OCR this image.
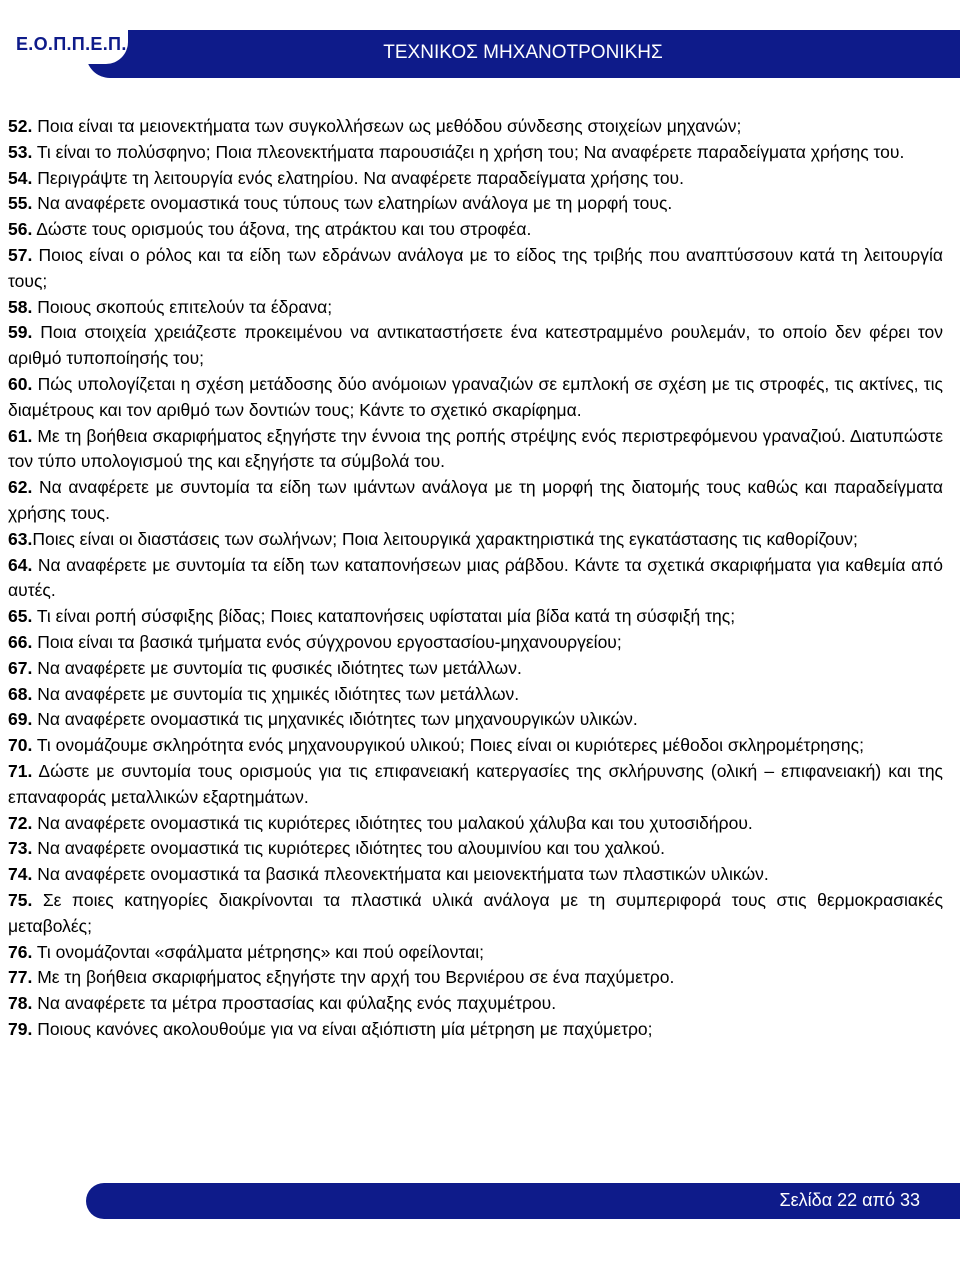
ΤΕΧΝΙΚΟΣ ΜΗΧΑΝΟΤΡΟΝΙΚΗΣ
Ε.Ο.Π.Π.Ε.Π.

52. Ποια είναι τα μειονεκτήματα των συγκολλήσεων ως μεθόδου σύνδεσης στοιχείων μηχανών;

53. Τι είναι το πολύσφηνο; Ποια πλεονεκτήματα παρουσιάζει η χρήση του; Να αναφέρετε παραδείγματα χρήσης του.

54. Περιγράψτε τη λειτουργία ενός ελατηρίου. Να αναφέρετε παραδείγματα χρήσης του.

55. Να αναφέρετε ονομαστικά τους τύπους των ελατηρίων ανάλογα με τη μορφή τους.

56. Δώστε τους ορισμούς του άξονα, της ατράκτου και του στροφέα.

57. Ποιος είναι ο ρόλος και τα είδη των εδράνων ανάλογα με το είδος της τριβής που αναπτύσσουν κατά τη λειτουργία τους;

58. Ποιους σκοπούς επιτελούν τα έδρανα;

59. Ποια στοιχεία χρειάζεστε προκειμένου να αντικαταστήσετε ένα κατεστραμμένο ρουλεμάν, το οποίο δεν φέρει τον αριθμό τυποποίησής του;

60. Πώς υπολογίζεται η σχέση μετάδοσης δύο ανόμοιων γραναζιών σε εμπλοκή σε σχέση με τις στροφές, τις ακτίνες, τις διαμέτρους και τον αριθμό των δοντιών τους; Κάντε το σχετικό σκαρίφημα.

61. Με τη βοήθεια σκαριφήματος εξηγήστε την έννοια της ροπής στρέψης ενός περιστρεφόμενου γραναζιού. Διατυπώστε τον τύπο υπολογισμού της και εξηγήστε τα σύμβολά του.

62. Να αναφέρετε με συντομία τα είδη των ιμάντων ανάλογα με τη μορφή της διατομής τους καθώς και παραδείγματα χρήσης τους.

63.Ποιες είναι οι διαστάσεις των σωλήνων; Ποια λειτουργικά χαρακτηριστικά της εγκατάστασης τις καθορίζουν;

64. Να αναφέρετε με συντομία τα είδη των καταπονήσεων μιας ράβδου. Κάντε τα σχετικά σκαριφήματα για καθεμία από αυτές.

65. Τι είναι ροπή σύσφιξης βίδας; Ποιες καταπονήσεις υφίσταται μία βίδα κατά τη σύσφιξή της;

66. Ποια είναι τα βασικά τμήματα ενός σύγχρονου εργοστασίου-μηχανουργείου;

67. Να αναφέρετε με συντομία τις φυσικές ιδιότητες των μετάλλων.

68. Να αναφέρετε με συντομία τις χημικές ιδιότητες των μετάλλων.

69. Να αναφέρετε ονομαστικά τις μηχανικές ιδιότητες των μηχανουργικών υλικών.

70. Τι ονομάζουμε σκληρότητα ενός μηχανουργικού υλικού; Ποιες είναι οι κυριότερες μέθοδοι σκληρομέτρησης;

71. Δώστε με συντομία τους ορισμούς για τις επιφανειακή κατεργασίες της σκλήρυνσης (ολική – επιφανειακή) και της επαναφοράς μεταλλικών εξαρτημάτων.

72. Να αναφέρετε ονομαστικά τις κυριότερες ιδιότητες του μαλακού χάλυβα και του χυτοσιδήρου.

73. Να αναφέρετε ονομαστικά τις κυριότερες ιδιότητες του αλουμινίου και του χαλκού.

74. Να αναφέρετε ονομαστικά τα βασικά πλεονεκτήματα και μειονεκτήματα των πλαστικών υλικών.

75. Σε ποιες κατηγορίες διακρίνονται τα πλαστικά υλικά ανάλογα με τη συμπεριφορά τους στις θερμοκρασιακές μεταβολές;

76. Τι ονομάζονται «σφάλματα μέτρησης» και πού οφείλονται;

77. Με τη βοήθεια σκαριφήματος εξηγήστε την αρχή του Βερνιέρου σε ένα παχύμετρο.

78. Να αναφέρετε τα μέτρα προστασίας και φύλαξης ενός παχυμέτρου.

79. Ποιους κανόνες ακολουθούμε για να είναι αξιόπιστη μία μέτρηση με παχύμετρο;

Σελίδα 22 από 33
